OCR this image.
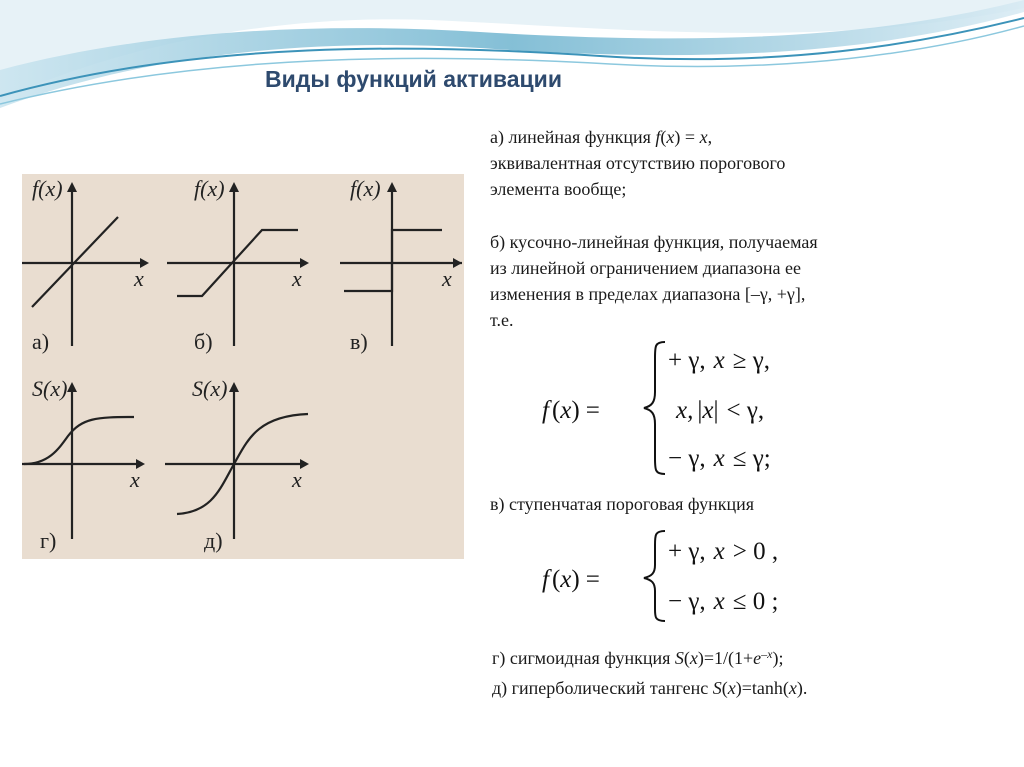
Виды функций активации
f(x)
x
а)
f(x)
x
б)
f(x)
x
в)
S(x)
x
г)
S(x)
x
д)
а) линейная функция f(x) = x,
эквивалентная отсутствию порогового
элемента вообще;
б) кусочно-линейная функция, получаемая
из линейной ограничением диапазона ее
изменения в пределах диапазона [–γ, +γ],
т.е.
f (x) =
+ γ, x ≥ γ,
x, |x| < γ,
− γ, x ≤ γ;
в) ступенчатая пороговая функция
f (x) =
+ γ, x > 0 ,
− γ, x ≤ 0 ;
г) сигмоидная функция $S(x)=1/(1+e^{-x})$;
д) гиперболический тангенс S(x)=tanh(x).
